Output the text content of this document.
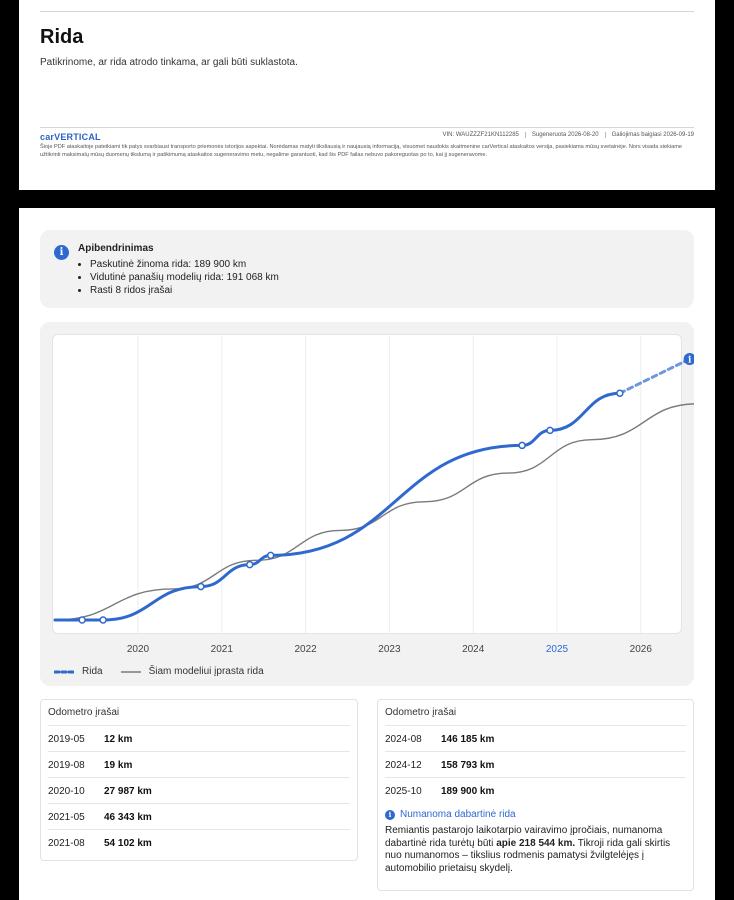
Rida
Patikrinome, ar rida atrodo tinkama, ar gali būti suklastota.
carVERTICAL	VIN: WAUZZZF21KN112285	Sugeneruota 2026-08-20	Galiojimas baigiasi 2026-09-19
Šioje PDF ataskaitoje pateikiami tik patys svarbiausi transporto priemonės istorijos aspektai. Norėdamas matyti tiksliausią ir naujausią informaciją, visuomet naudokis skaitmenine carVertical ataskaitos versija, pasiekiama mūsų svetainėje. Nors visada siekiame užtikrinti maksimalų mūsų duomenų tikslumą ir patikimumą ataskaitos sugeneravimo metu, negalime garantuoti, kad šis PDF failas nebuvo pakoreguotas po to, kai jį sugeneravome.
i	Apibendrinimas
• Paskutinė žinoma rida: 189 900 km
• Vidutinė panašių modelių rida: 191 068 km
• Rasti 8 ridos įrašai
2020	2021	2022	2023	2024	2025	2026
i
Rida	Šiam modeliui įprasta rida
Odometro įrašai
2019-05 12 km
2019-08 19 km
2020-10 27 987 km
2021-05 46 343 km
2021-08 54 102 km
Odometro įrašai
2024-08 146 185 km
2024-12 158 793 km
2025-10 189 900 km
i Numanoma dabartinė rida
Remiantis pastarojo laikotarpio vairavimo įpročiais, numanoma dabartinė rida turėtų būti apie 218 544 km. Tikroji rida gali skirtis nuo numanomos – tikslius rodmenis pamatysi žvilgtelėjęs į automobilio prietaisų skydelį.
